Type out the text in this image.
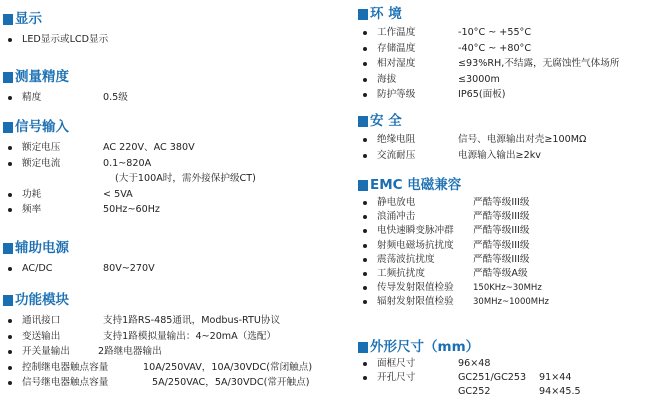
显示
LED显示或LCD显示
测量精度
精度	0.5级
信号输入
额定电压	AC 220V、AC 380V
额定电流	0.1~820A
(大于100A时，需外接保护级CT)
功耗	< 5VA
频率	50Hz~60Hz
辅助电源
AC/DC	80V~270V
功能模块
通讯接口	支持1路RS-485通讯，Modbus-RTU协议
变送输出	支持1路模拟量输出：4~20mA（选配）
开关量输出	2路继电器输出
控制继电器触点容量	10A/250VAV，10A/30VDC(常闭触点)
信号继电器触点容量	5A/250VAC，5A/30VDC(常开触点)
环 境
工作温度	-10°C ~ +55°C
存储温度	-40°C ~ +80°C
相对湿度	≤93%RH,不结露，无腐蚀性气体场所
海拔	≤3000m
防护等级	IP65(面板)
安 全
绝缘电阻	信号、电源输出对壳≥100MΩ
交流耐压	电源输入输出≥2kv
EMC 电磁兼容
静电放电	严酷等级III级
浪涌冲击	严酷等级III级
电快速瞬变脉冲群 严酷等级III级
射频电磁场抗扰度 严酷等级III级
震荡波抗扰度	严酷等级III级
工频抗扰度	严酷等级A级
传导发射限值检验 150KHz~30MHz
辐射发射限值检验 30MHz~1000MHz
外形尺寸（mm）
面框尺寸	96×48
开孔尺寸	GC251/GC253 91×44
GC252	94×45.5
